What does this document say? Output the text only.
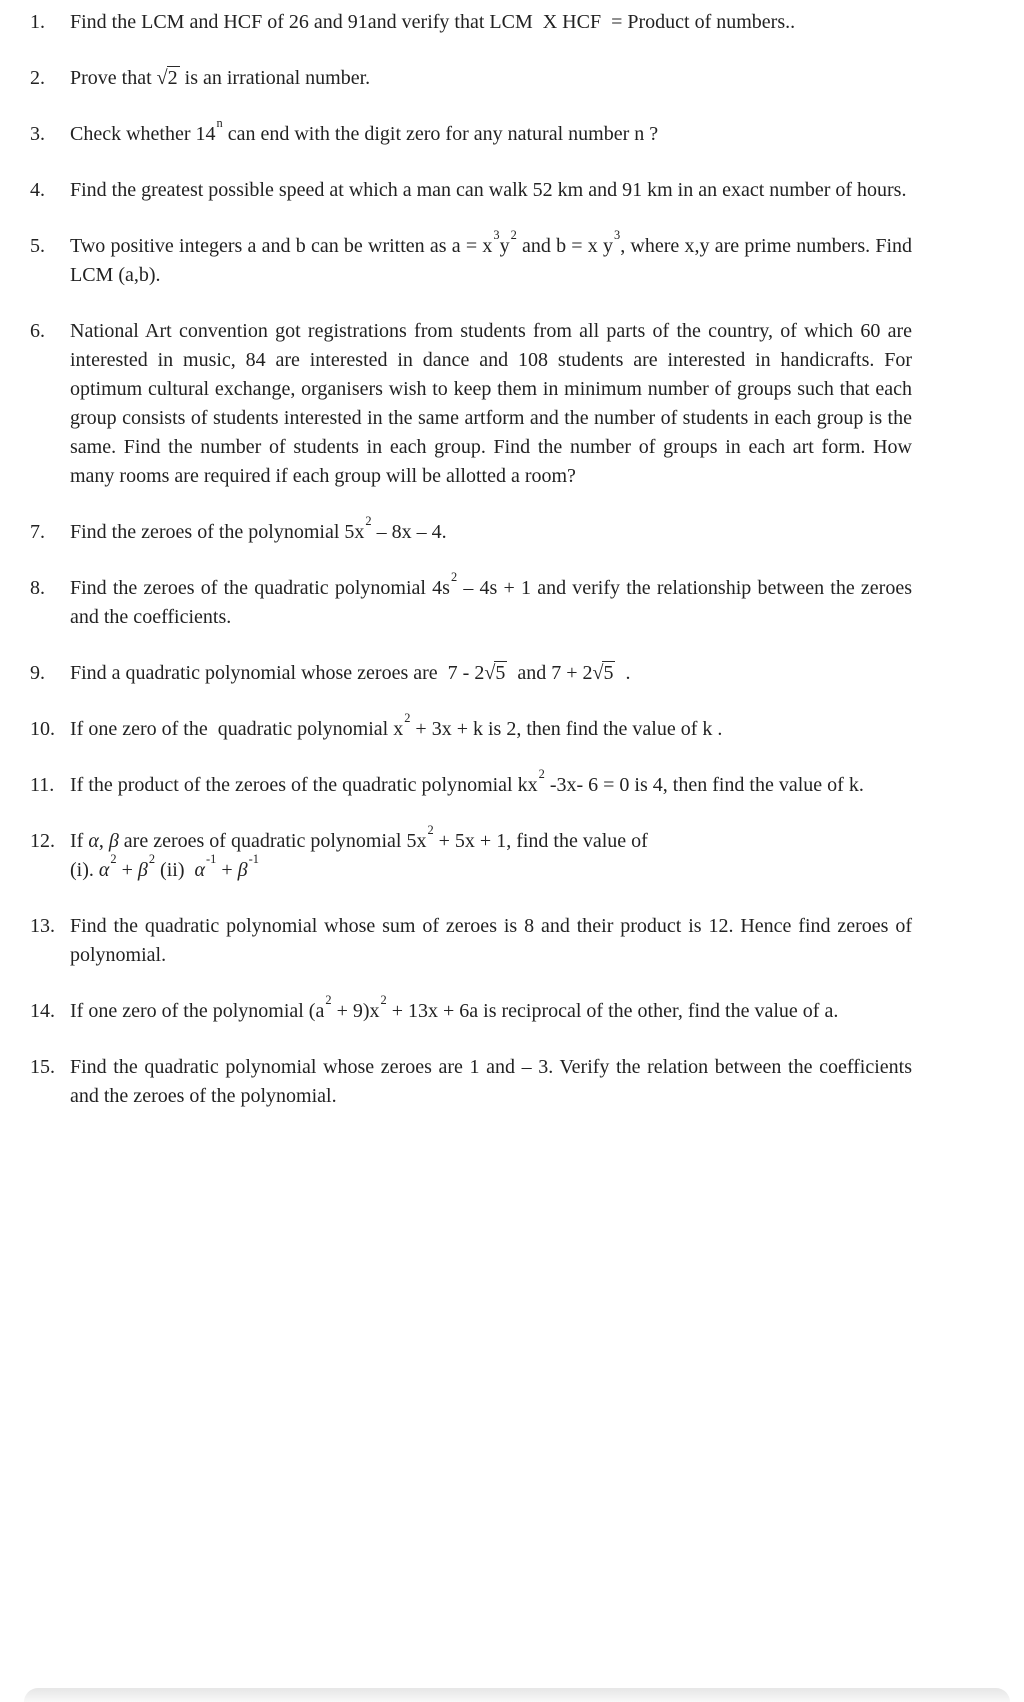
1.	Find the LCM and HCF of 26 and 91and verify that LCM  X HCF  = Product of numbers..

2.	Prove that √2 is an irrational number.

3.	Check whether 14$^n$ can end with the digit zero for any natural number n ?

4.	Find the greatest possible speed at which a man can walk 52 km and 91 km in an exact number of hours.

5.	Two positive integers a and b can be written as $a = x^3y^2$ and b = x $y^3$, where x,y are prime numbers. Find LCM (a,b).

6.	National Art convention got registrations from students from all parts of the country, of which 60 are interested in music, 84 are interested in dance and 108 students are interested in handicrafts. For optimum cultural exchange, organisers wish to keep them in minimum number of groups such that each group consists of students interested in the same artform and the number of students in each group is the same. Find the number of students in each group. Find the number of groups in each art form. How many rooms are required if each group will be allotted a room?

7.	Find the zeroes of the polynomial $5x^2 - 8x - 4$.

8.	Find the zeroes of the quadratic polynomial $4s^2 - 4s + 1$ and verify the relationship between the zeroes and the coefficients.

9.	Find a quadratic polynomial whose zeroes are  7 - 2√5  and 7 + 2√5  .

10. If one zero of the  quadratic polynomial $x^2 + 3x + k$ is 2, then find the value of k .

11. If the product of the zeroes of the quadratic polynomial $kx^2$ -3x- 6 = 0 is 4, then find the value of k.

12. If α, β are zeroes of quadratic polynomial $5x^2 + 5x + 1$, find the value of
(i). $\alpha^2 + \beta^2$ (ii)  $\alpha^{-1} + \beta^{-1}$

13. Find the quadratic polynomial whose sum of zeroes is 8 and their product is 12. Hence find zeroes of polynomial.

14. If one zero of the polynomial $(a^2 + 9)x^2 + 13x + 6a$ is reciprocal of the other, find the value of a.

15. Find the quadratic polynomial whose zeroes are 1 and – 3. Verify the relation between the coefficients and the zeroes of the polynomial.
